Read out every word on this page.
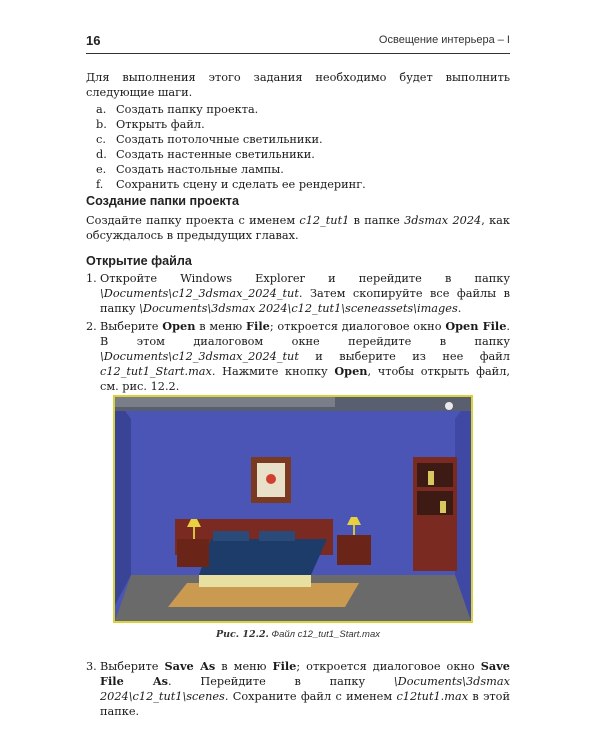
16	Освещение интерьера – I

Для выполнения этого задания необходимо будет выполнить следующие шаги.

a. Создать папку проекта.
b. Открыть файл.
c. Создать потолочные светильники.
d. Создать настенные светильники.
e. Создать настольные лампы.
f. Сохранить сцену и сделать ее рендеринг.
Создание папки проекта

Создайте папку проекта с именем c12_tut1 в папке 3dsmax 2024, как обсуждалось в предыдущих главах.

Открытие файла
1. Откройте Windows Explorer и перейдите в папку \Documents\c12_3dsmax_2024_tut. Затем скопируйте все файлы в папку \Documents\3dsmax 2024\c12_tut1\sceneassets\images.
2. Выберите Open в меню File; откроется диалоговое окно Open File. В этом диалоговом окне перейдите в папку \Documents\c12_3dsmax_2024_tut и выберите из нее файл c12_tut1_Start.max. Нажмите кнопку Open, чтобы открыть файл, см. рис. 12.2.
Рис. 12.2. Файл c12_tut1_Start.max
3. Выберите Save As в меню File; откроется диалоговое окно Save File As. Перейдите в папку \Documents\3dsmax 2024\c12_tut1\scenes. Сохраните файл с именем c12tut1.max в этой папке.
